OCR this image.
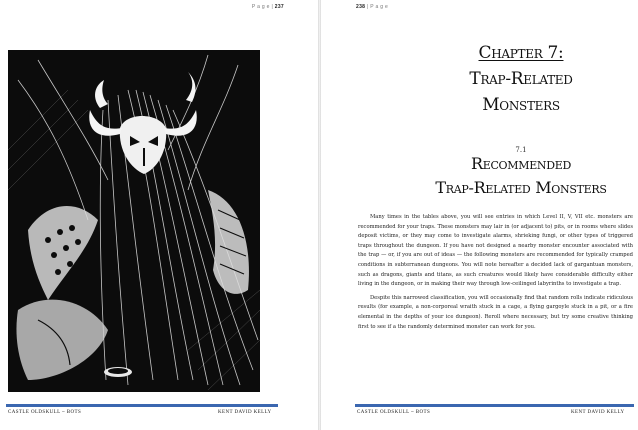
P a g e | 237
CASTLE OLDSKULL ~ BOTS	KENT DAVID KELLY
238 | P a g e
Chapter 7:
Trap-Related
Monsters
7.1
Recommended
Trap-Related Monsters

Many times in the tables above, you will see entries in which Level II, V, VII etc. monsters are recommended for your traps. These monsters may lair in (or adjacent to) pits, or in rooms where slides deposit victims, or they may come to investigate alarms, shrieking fungi, or other types of triggered traps throughout the dungeon. If you have not designed a nearby monster encounter associated with the trap — or, if you are out of ideas — the following monsters are recommended for typically cramped conditions in subterranean dungeons. You will note hereafter a decided lack of gargantuan monsters, such as dragons, giants and titans, as such creatures would likely have considerable difficulty either living in the dungeon, or in making their way through low-ceilinged labyrinths to investigate a trap.

Despite this narrowed classification, you will occasionally find that random rolls indicate ridiculous results (for example, a non-corporeal wraith stuck in a cage, a flying gargoyle stuck in a pit, or a fire elemental in the depths of your ice dungeon). Reroll where necessary, but try some creative thinking first to see if a the randomly determined monster can work for you.

CASTLE OLDSKULL ~ BOTS	KENT DAVID KELLY
